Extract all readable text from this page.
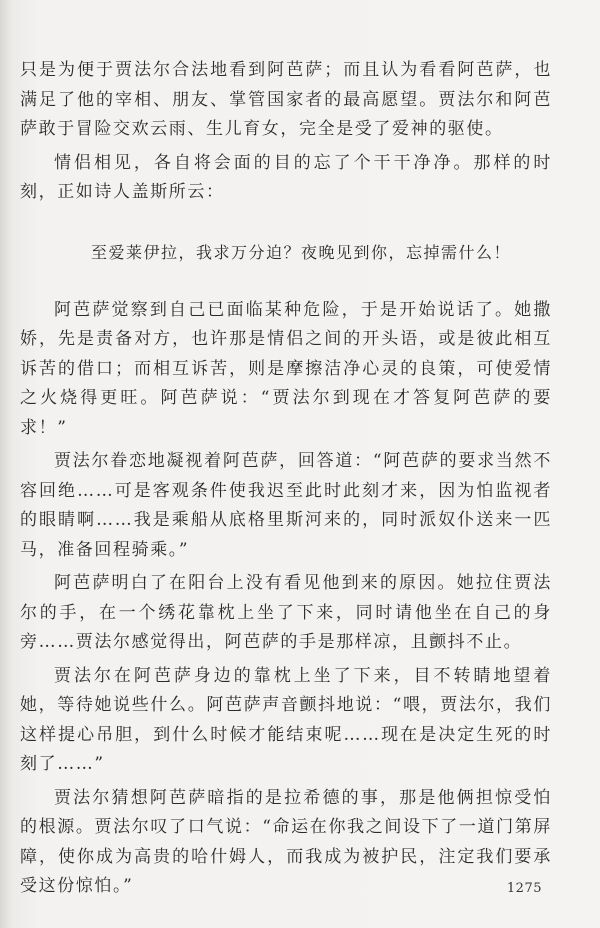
只是为便于贾法尔合法地看到阿芭萨；而且认为看看阿芭萨，也满足了他的宰相、朋友、掌管国家者的最高愿望。贾法尔和阿芭萨敢于冒险交欢云雨、生儿育女，完全是受了爱神的驱使。

情侣相见，各自将会面的目的忘了个干干净净。那样的时刻，正如诗人盖斯所云：

至爱莱伊拉，我求万分迫？夜晚见到你，忘掉需什么！

阿芭萨觉察到自己已面临某种危险，于是开始说话了。她撒娇，先是责备对方，也许那是情侣之间的开头语，或是彼此相互诉苦的借口；而相互诉苦，则是摩擦洁净心灵的良策，可使爱情之火烧得更旺。阿芭萨说：“贾法尔到现在才答复阿芭萨的要求！”

贾法尔眷恋地凝视着阿芭萨，回答道：“阿芭萨的要求当然不容回绝……可是客观条件使我迟至此时此刻才来，因为怕监视者的眼睛啊……我是乘船从底格里斯河来的，同时派奴仆送来一匹马，准备回程骑乘。”

阿芭萨明白了在阳台上没有看见他到来的原因。她拉住贾法尔的手，在一个绣花靠枕上坐了下来，同时请他坐在自己的身旁……贾法尔感觉得出，阿芭萨的手是那样凉，且颤抖不止。

贾法尔在阿芭萨身边的靠枕上坐了下来，目不转睛地望着她，等待她说些什么。阿芭萨声音颤抖地说：“喂，贾法尔，我们这样提心吊胆，到什么时候才能结束呢……现在是决定生死的时刻了……”

贾法尔猜想阿芭萨暗指的是拉希德的事，那是他俩担惊受怕的根源。贾法尔叹了口气说：“命运在你我之间设下了一道门第屏障，使你成为高贵的哈什姆人，而我成为被护民，注定我们要承受这份惊怕。”	1275
